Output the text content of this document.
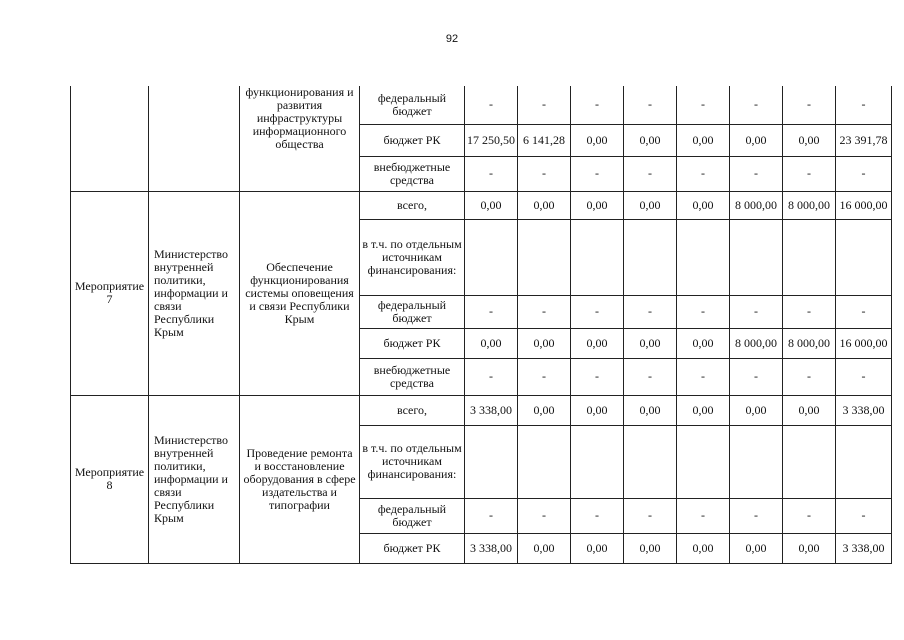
92
		функционирования и развития инфраструктуры информационного общества	федеральный бюджет	-	-	-	-	-	-	-	-
			бюджет РК	17 250,50	6 141,28	0,00	0,00	0,00	0,00	0,00	23 391,78
			внебюджетные средства	-	-	-	-	-	-	-	-
Мероприятие 7	Министерство внутренней политики, информации и связи Республики Крым	Обеспечение функционирования системы оповещения и связи Республики Крым	всего,	0,00	0,00	0,00	0,00	0,00	8 000,00	8 000,00	16 000,00
			в т.ч. по отдельным источникам финансирования:								
			федеральный бюджет	-	-	-	-	-	-	-	-
			бюджет РК	0,00	0,00	0,00	0,00	0,00	8 000,00	8 000,00	16 000,00
			внебюджетные средства	-	-	-	-	-	-	-	-
Мероприятие 8	Министерство внутренней политики, информации и связи Республики Крым	Проведение ремонта и восстановление оборудования в сфере издательства и типографии	всего,	3 338,00	0,00	0,00	0,00	0,00	0,00	0,00	3 338,00
			в т.ч. по отдельным источникам финансирования:								
			федеральный бюджет	-	-	-	-	-	-	-	-
			бюджет РК	3 338,00	0,00	0,00	0,00	0,00	0,00	0,00	3 338,00
